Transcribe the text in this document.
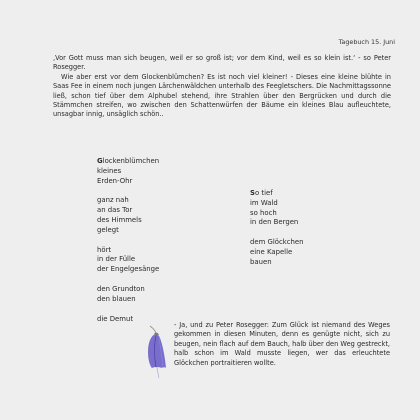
Tagebuch 15. Juni

‚Vor Gott muss man sich beugen, weil er so groß ist; vor dem Kind, weil es so klein ist.‘ - so Peter Rosegger.

Wie aber erst vor dem Glockenblümchen? Es ist noch viel kleiner! - Dieses eine kleine blühte in Saas Fee in einem noch jungen Lärchenwäldchen unterhalb des Feegletschers. Die Nachmittagssonne ließ, schon tief über dem Alphubel stehend, ihre Strahlen über den Bergrücken und durch die Stämmchen streifen, wo zwischen den Schattenwürfen der Bäume ein kleines Blau aufleuchtete, unsagbar innig, unsäglich schön..

Glockenblümchen
kleines
Erden-Ohr
ganz nah
an das Tor
des Himmels
gelegt
hört
in der Fülle
der Engelgesänge
den Grundton
den blauen
die Demut
So tief
im Wald
so hoch
in den Bergen
dem Glöckchen
eine Kapelle
bauen

- Ja, und zu Peter Rosegger: Zum Glück ist niemand des Weges gekommen in diesen Minuten, denn es genügte nicht, sich zu beugen, nein flach auf dem Bauch, halb über den Weg gestreckt, halb schon im Wald musste liegen, wer das erleuchtete Glöckchen portraitieren wollte.
